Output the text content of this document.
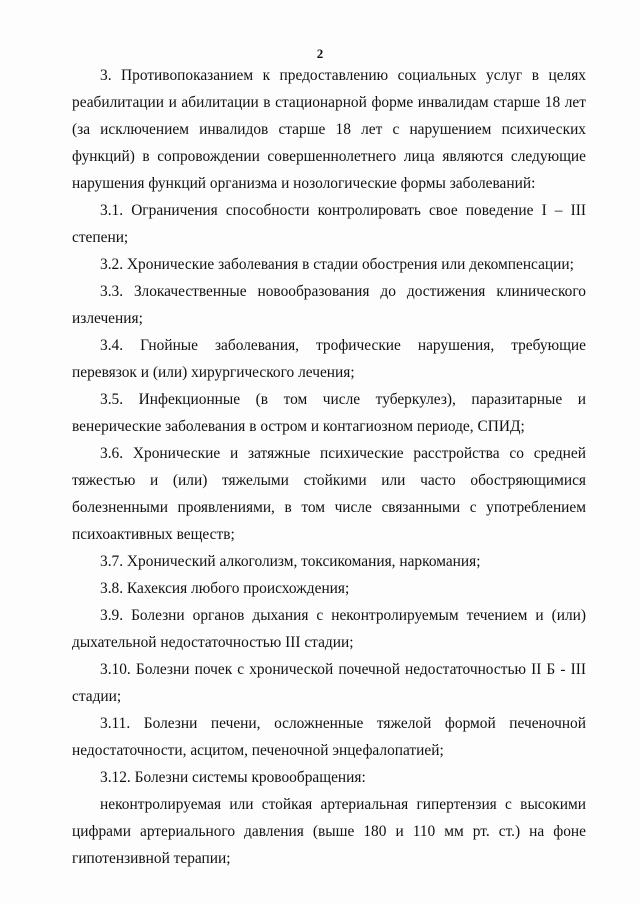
2

3. Противопоказанием к предоставлению социальных услуг в целях
реабилитации и абилитации в стационарной форме инвалидам старше 18 лет
(за исключением инвалидов старше 18 лет с нарушением психических
функций) в сопровождении совершеннолетнего лица являются следующие
нарушения функций организма и нозологические формы заболеваний:

3.1. Ограничения способности контролировать свое поведение I – III
степени;

3.2. Хронические заболевания в стадии обострения или декомпенсации;

3.3. Злокачественные новообразования до достижения клинического
излечения;

3.4. Гнойные заболевания, трофические нарушения, требующие
перевязок и (или) хирургического лечения;

3.5. Инфекционные (в том числе туберкулез), паразитарные и
венерические заболевания в остром и контагиозном периоде, СПИД;

3.6. Хронические и затяжные психические расстройства со средней
тяжестью и (или) тяжелыми стойкими или часто обостряющимися
болезненными проявлениями, в том числе связанными с употреблением
психоактивных веществ;

3.7. Хронический алкоголизм, токсикомания, наркомания;

3.8. Кахексия любого происхождения;

3.9. Болезни органов дыхания с неконтролируемым течением и (или)
дыхательной недостаточностью III стадии;

3.10. Болезни почек с хронической почечной недостаточностью II Б - III
стадии;

3.11. Болезни печени, осложненные тяжелой формой печеночной
недостаточности, асцитом, печеночной энцефалопатией;

3.12. Болезни системы кровообращения:

неконтролируемая или стойкая артериальная гипертензия с высокими
цифрами артериального давления (выше 180 и 110 мм рт. ст.) на фоне
гипотензивной терапии;
